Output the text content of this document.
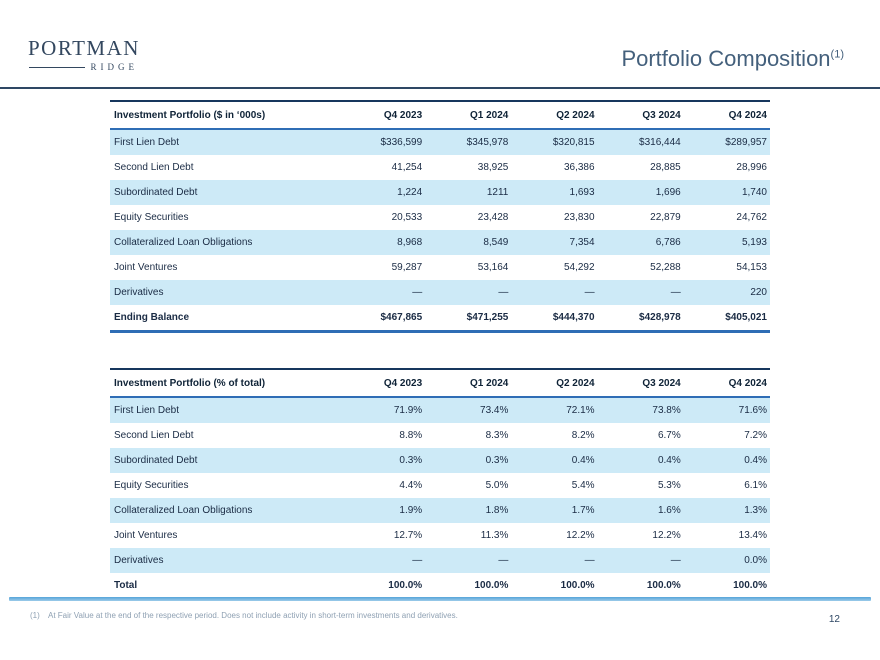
PORTMAN
RIDGE	Portfolio Composition$^{(1)}$
Investment Portfolio ($ in ‘000s)	Q4 2023	Q1 2024	Q2 2024	Q3 2024	Q4 2024
First Lien Debt	$336,599	$345,978	$320,815	$316,444	$289,957
Second Lien Debt	41,254	38,925	36,386	28,885	28,996
Subordinated Debt	1,224	1211	1,693	1,696	1,740
Equity Securities	20,533	23,428	23,830	22,879	24,762
Collateralized Loan Obligations	8,968	8,549	7,354	6,786	5,193
Joint Ventures	59,287	53,164	54,292	52,288	54,153
Derivatives	—	—	—	—	220
Ending Balance	$467,865	$471,255	$444,370	$428,978	$405,021
Investment Portfolio (% of total)	Q4 2023	Q1 2024	Q2 2024	Q3 2024	Q4 2024
First Lien Debt	71.9%	73.4%	72.1%	73.8%	71.6%
Second Lien Debt	8.8%	8.3%	8.2%	6.7%	7.2%
Subordinated Debt	0.3%	0.3%	0.4%	0.4%	0.4%
Equity Securities	4.4%	5.0%	5.4%	5.3%	6.1%
Collateralized Loan Obligations	1.9%	1.8%	1.7%	1.6%	1.3%
Joint Ventures	12.7%	11.3%	12.2%	12.2%	13.4%
Derivatives	—	—	—	—	0.0%
Total	100.0%	100.0%	100.0%	100.0%	100.0%
(1) At Fair Value at the end of the respective period. Does not include activity in short-term investments and derivatives.	12
